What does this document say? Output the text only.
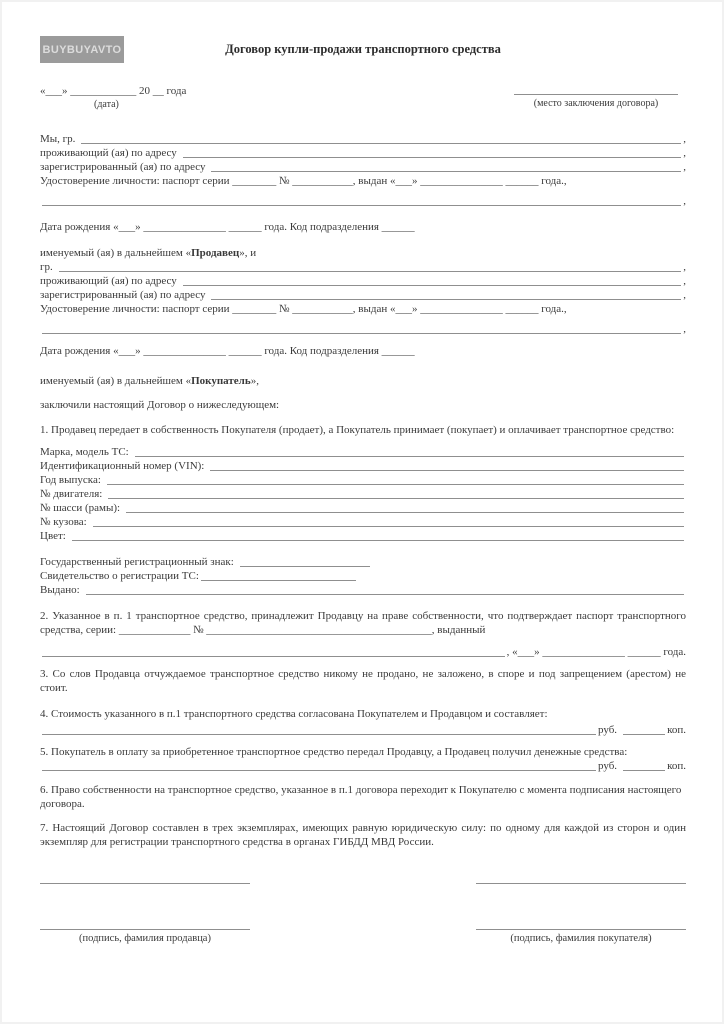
BUYBUYAVTO	Договор купли-продажи транспортного средства
«___» ____________ 20 __ года
(дата)	(место заключения договора)
Мы, гр.	,
проживающий (ая) по адресу	,
зарегистрированный (ая) по адресу	,

Удостоверение личности: паспорт серии ________ № ___________, выдан «___» _______________ ______ года.,

,

Дата рождения «___» _______________ ______ года. Код подразделения ______

именуемый (ая) в дальнейшем «Продавец», и

гр.	,
проживающий (ая) по адресу	,
зарегистрированный (ая) по адресу	,

Удостоверение личности: паспорт серии ________ № ___________, выдан «___» _______________ ______ года.,

,

Дата рождения «___» _______________ ______ года. Код подразделения ______

именуемый (ая) в дальнейшем «Покупатель»,

заключили настоящий Договор о нижеследующем:

1. Продавец передает в собственность Покупателя (продает), а Покупатель принимает (покупает) и оплачивает транспортное средство:

Марка, модель ТС:
Идентификационный номер (VIN):
Год выпуска:
№ двигателя:
№ шасси (рамы):
№ кузова:
Цвет:
Государственный регистрационный знак:
Свидетельство о регистрации ТС:
Выдано:

2. Указанное в п. 1 транспортное средство, принадлежит Продавцу на праве собственности, что подтверждает паспорт транспортного средства, серии: _____________ № _________________________________________, выданный

, «___» _______________ ______ года.

3. Со слов Продавца отчуждаемое транспортное средство никому не продано, не заложено, в споре и под запрещением (арестом) не стоит.

4. Стоимость указанного в п.1 транспортного средства согласована Покупателем и Продавцом и составляет:

руб.	коп.

5. Покупатель в оплату за приобретенное транспортное средство передал Продавцу, а Продавец получил денежные средства:

руб.	коп.

6. Право собственности на транспортное средство, указанное в п.1 договора переходит к Покупателю с момента подписания настоящего договора.

7. Настоящий Договор составлен в трех экземплярах, имеющих равную юридическую силу: по одному для каждой из сторон и один экземпляр для регистрации транспортного средства в органах ГИБДД МВД России.

(подпись, фамилия продавца)	(подпись, фамилия покупателя)
